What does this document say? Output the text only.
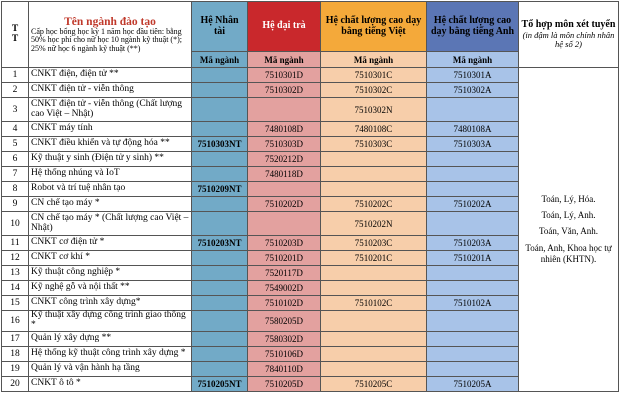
T
T	Tên ngành đào tạo
Cấp học bổng học kỳ 1 năm học đầu tiên: bằng 50% học phí cho nữ học 10 ngành kỹ thuật (*); 25% nữ học 6 ngành kỹ thuật (**)	Hệ Nhân tài	Hệ đại trà	Hệ chất lượng cao dạy bằng tiếng Việt	Hệ chất lượng cao dạy bằng tiếng Anh	Tổ hợp môn xét tuyển
(in đậm là môn chính nhân hệ số 2)

		Mã ngành	Mã ngành	Mã ngành	Mã ngành	
1	CNKT điện, điện tử **		7510301D	7510301C	7510301A	Toán, Lý, Hóa.
Toán, Lý, Anh.
Toán, Văn, Anh.
Toán, Anh, Khoa học tự nhiên (KHTN).

2	CNKT điện tử - viễn thông		7510302D	7510302C	7510302A	
3	CNKT điện tử - viễn thông (Chất lượng cao Việt – Nhật)			7510302N		
4	CNKT máy tính		7480108D	7480108C	7480108A	
5	CNKT điều khiển và tự động hóa **	7510303NT	7510303D	7510303C	7510303A	
6	Kỹ thuật y sinh (Điện tử y sinh) **		7520212D			
7	Hệ thống nhúng và IoT		7480118D			
8	Robot và trí tuệ nhân tạo	7510209NT				
9	CN chế tạo máy *		7510202D	7510202C	7510202A	
10	CN chế tạo máy * (Chất lượng cao Việt – Nhật)			7510202N		
11	CNKT cơ điện tử *	7510203NT	7510203D	7510203C	7510203A	
12	CNKT cơ khí *		7510201D	7510201C	7510201A	
13	Kỹ thuật công nghiệp *		7520117D			
14	Kỹ nghệ gỗ và nội thất **		7549002D			
15	CNKT công trình xây dựng*		7510102D	7510102C	7510102A	
16	Kỹ thuật xây dựng công trình giao thông *		7580205D			
17	Quản lý xây dựng **		7580302D			
18	Hệ thống kỹ thuật công trình xây dựng *		7510106D			
19	Quản lý và vận hành hạ tầng		7840110D			
20	CNKT ô tô *	7510205NT	7510205D	7510205C	7510205A	
